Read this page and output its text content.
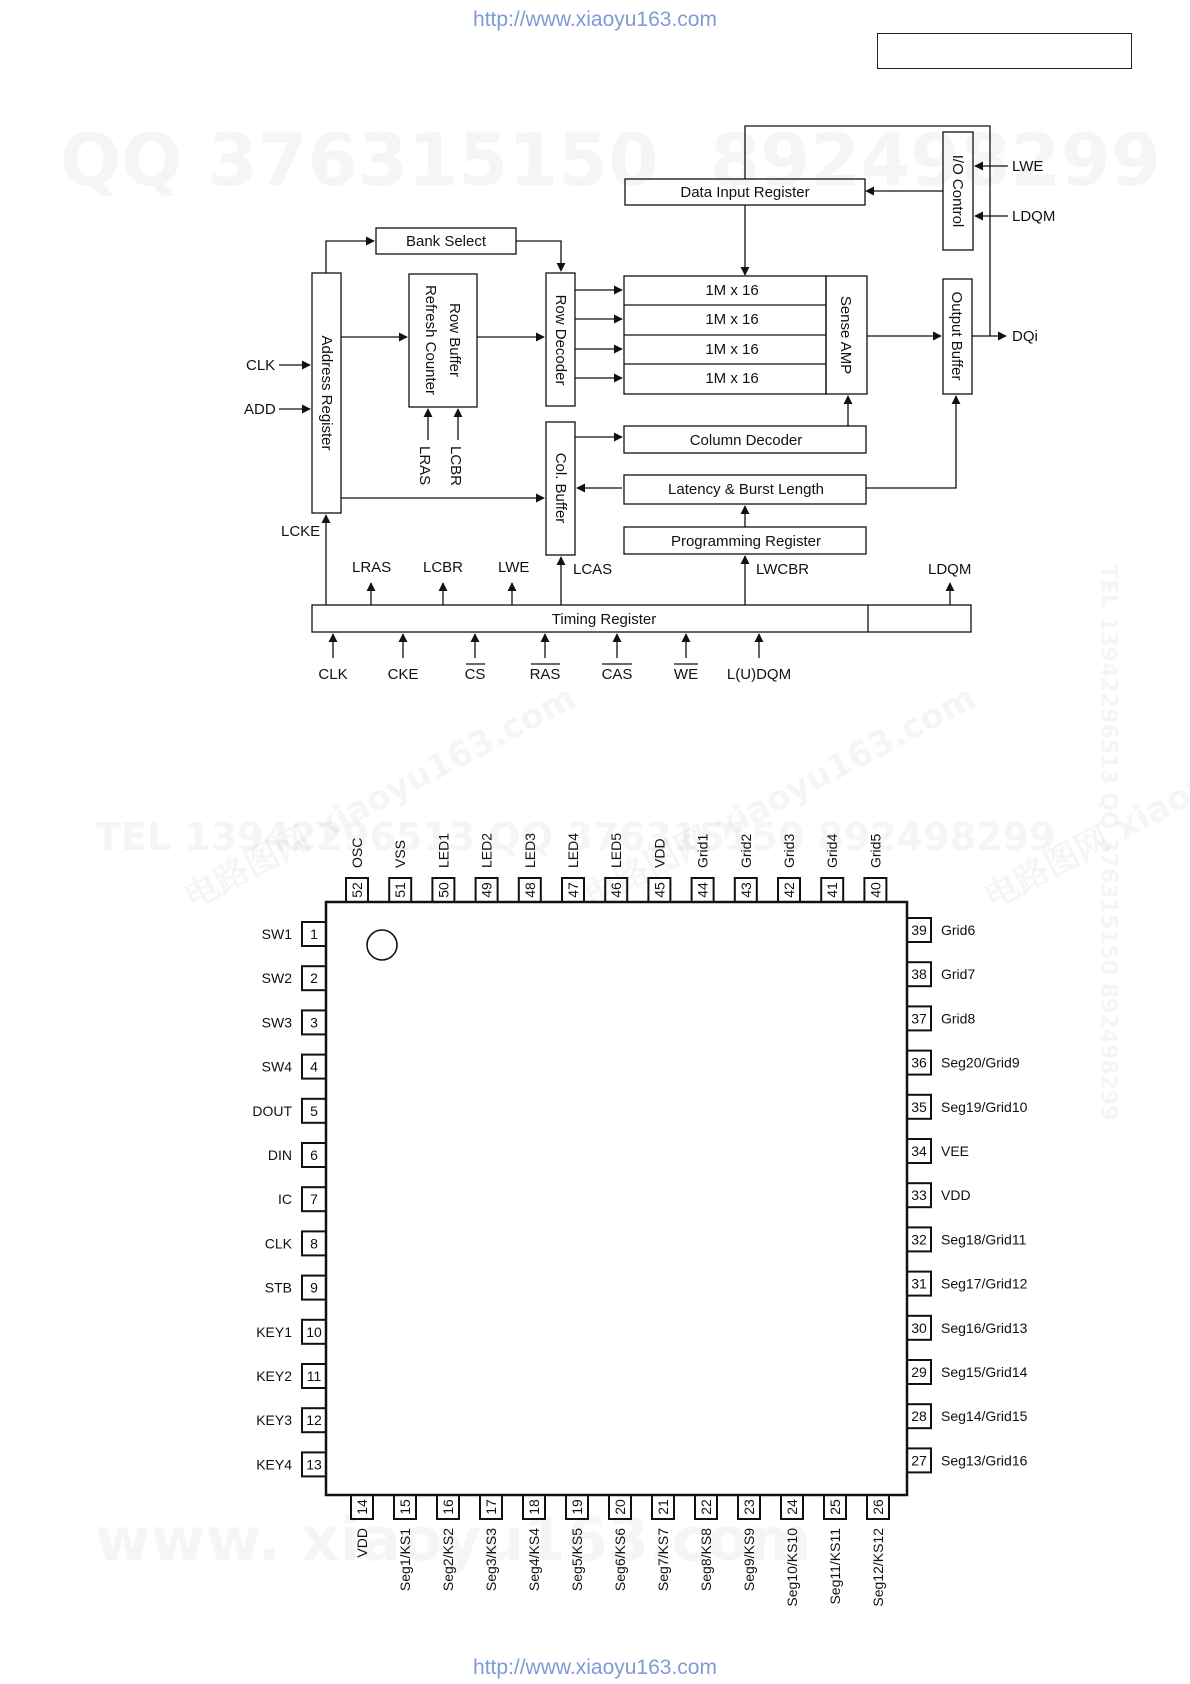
http://www.xiaoyu163.com
http://www.xiaoyu163.com
Data Input Register	I/O Control
Bank Select
Address Register	Row Buffer
Refresh Counter	Row Decoder
1M x 16
1M x 16
1M x 16
1M x 16
Sense AMP	Output Buffer
Col. Buffer
Column Decoder
Latency & Burst Length
Programming Register
Timing Register
LWE
LDQM
DQi
CLK
ADD
LRAS LCBR
LCKE
LRAS LCBR LWE	LCAS	LWCBR	LDQM
CLK	CKE	CS	RAS	CAS	WE L(U)DQM
1
SW1
2
SW2
3
SW3
4
SW4
5
DOUT
6
DIN
7
IC
8
CLK
9
STB
10
KEY1
11
KEY2
12
KEY3
13
KEY4
39 Grid6
38 Grid7
37 Grid8
36 Seg20/Grid9
35 Seg19/Grid10
34 VEE
33 VDD
32 Seg18/Grid11
31 Seg17/Grid12
30 Seg16/Grid13
29 Seg15/Grid14
28 Seg14/Grid15
27 Seg13/Grid16
52
OSC
51
VSS
50
LED1
49
LED2
48
LED3
47
LED4
46
LED5
45
VDD
44
Grid1
43
Grid2
42
Grid3
41
Grid4
40
Grid5
14
VDD
15
Seg1/KS1
16
Seg2/KS2
17
Seg3/KS3
18
Seg4/KS4
19
Seg5/KS5
20
Seg6/KS6
21
Seg7/KS7
22
Seg8/KS8
23
Seg9/KS9
24
Seg10/KS10
25
Seg11/KS11
26
Seg12/KS12
